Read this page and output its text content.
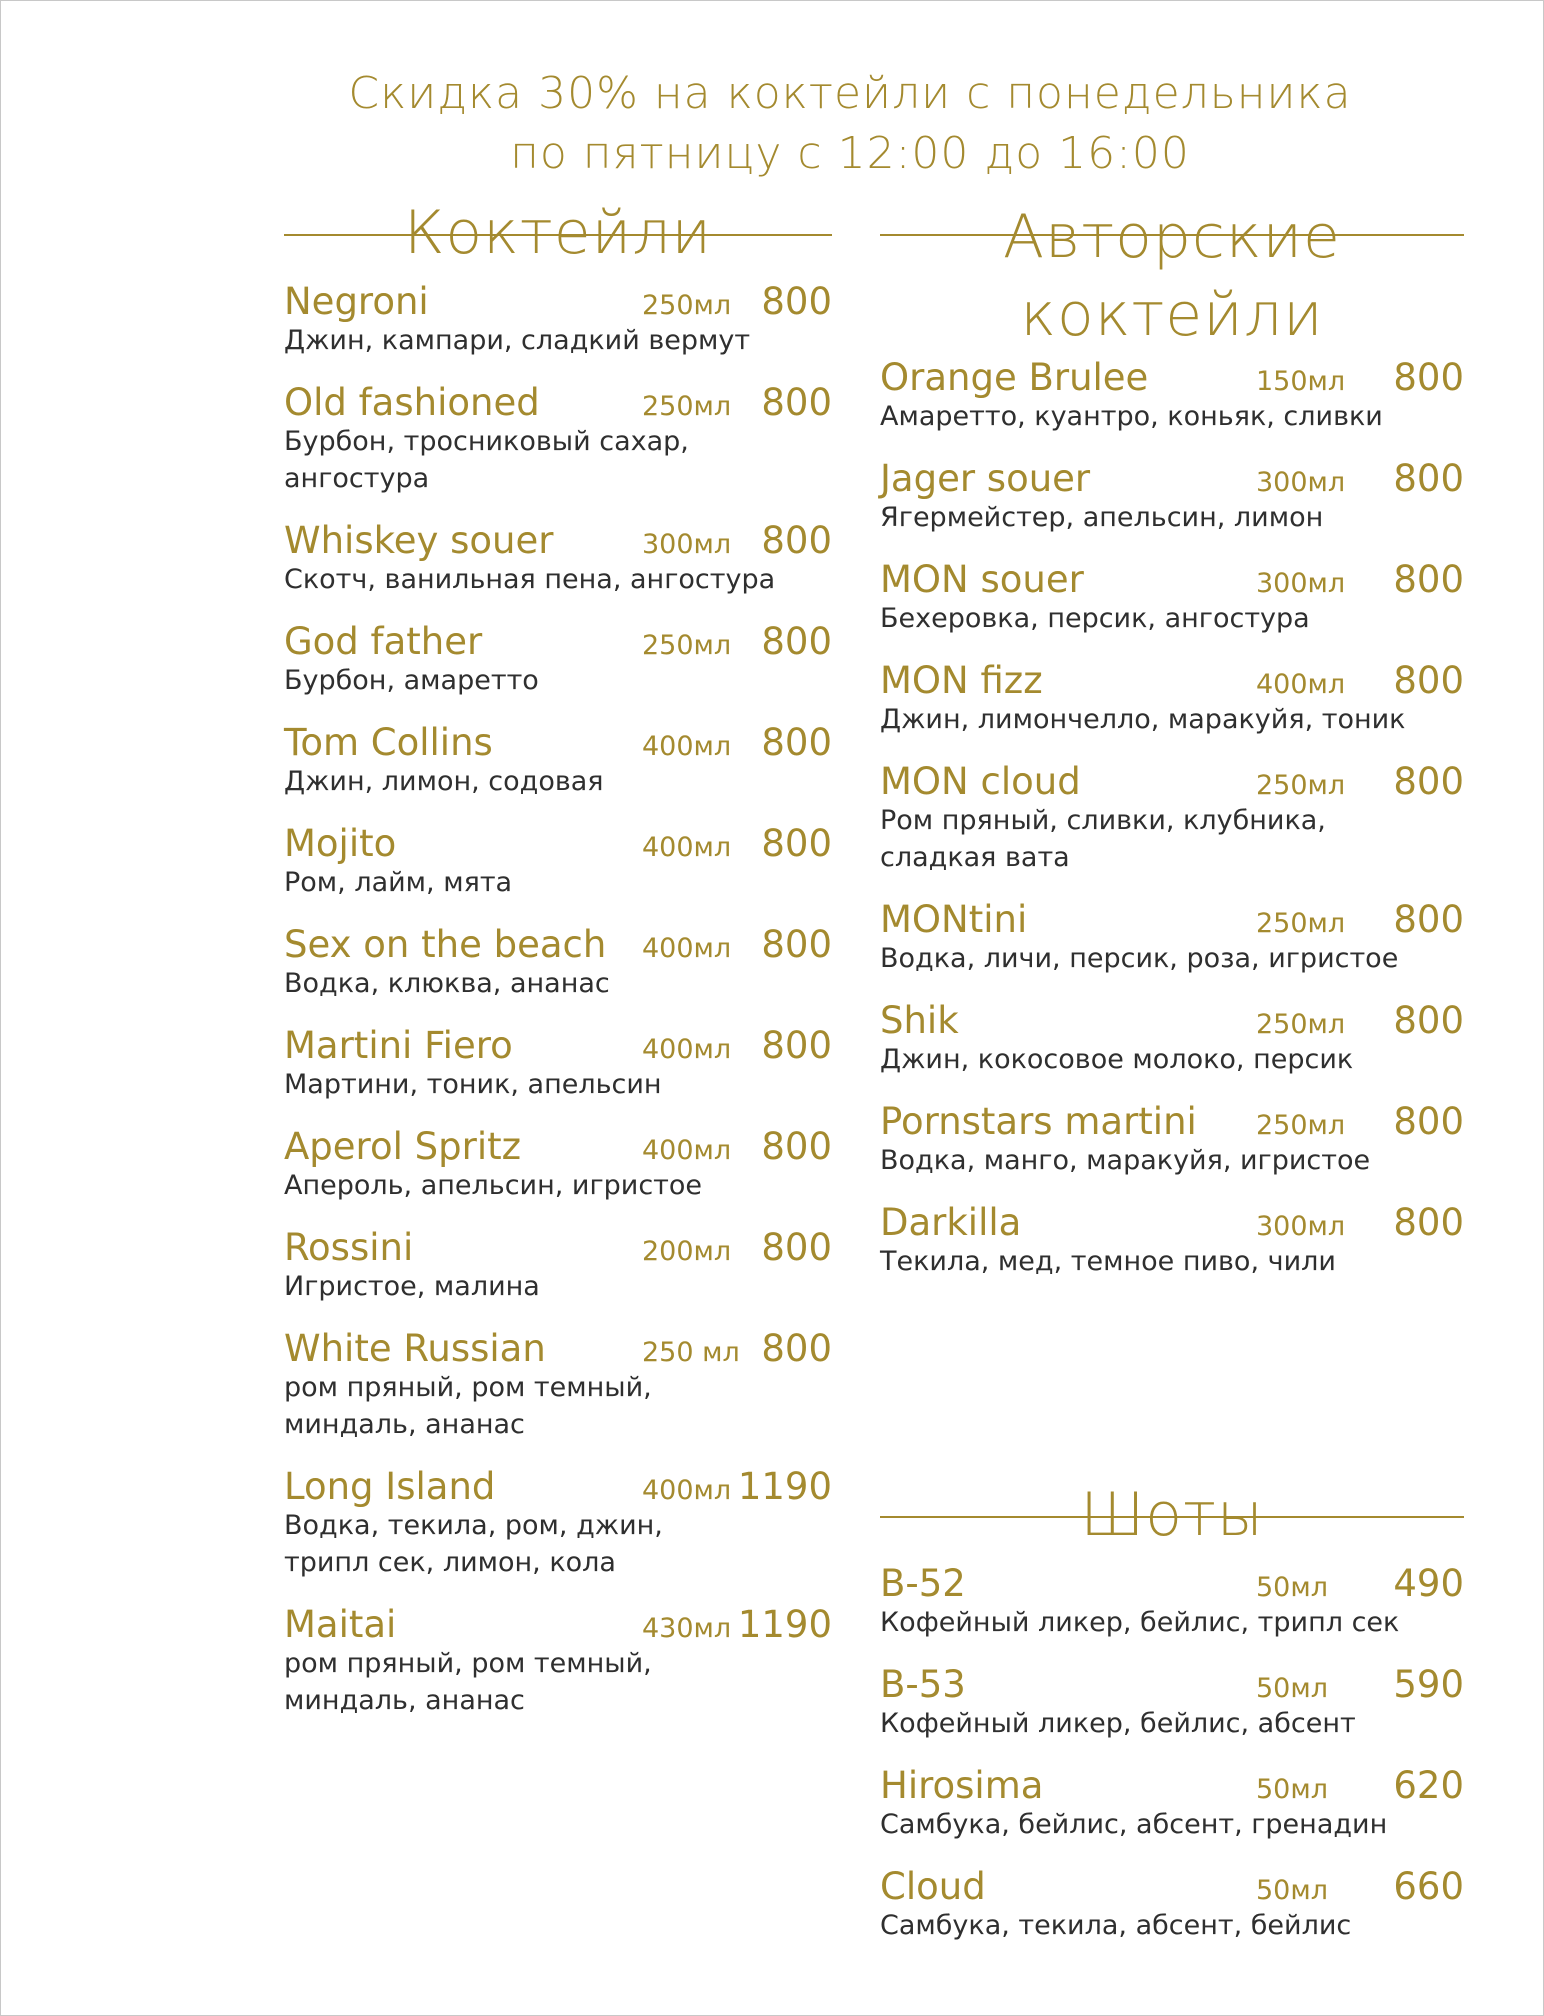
Скидка 30% на коктейли с понедельника
по пятницу с 12:00 до 16:00
Коктейли
Negroni	250мл 800
Джин, кампари, сладкий вермут
Old fashioned	250мл 800
Бурбон, тросниковый сахар,
ангостура
Whiskey souer	300мл 800
Скотч, ванильная пена, ангостура
God father	250мл 800
Бурбон, амаретто
Tom Collins	400мл 800
Джин, лимон, содовая
Mojito	400мл 800
Ром, лайм, мята
Sex on the beach 400мл 800
Водка, клюква, ананас
Martini Fiero	400мл 800
Мартини, тоник, апельсин
Aperol Spritz	400мл 800
Апероль, апельсин, игристое
Rossini	200мл 800
Игристое, малина
White Russian	250 мл 800
ром пряный, ром темный,
миндаль, ананас
Long Island	400мл 1190
Водка, текила, ром, джин,
трипл сек, лимон, кола
Maitai	430мл 1190
ром пряный, ром темный,
миндаль, ананас
Авторские
коктейли
Orange Brulee	150мл 800
Амаретто, куантро, коньяк, сливки
Jager souer	300мл 800
Ягермейстер, апельсин, лимон
MON souer	300мл 800
Бехеровка, персик, ангостура
MON fizz	400мл 800
Джин, лимончелло, маракуйя, тоник
MON cloud	250мл 800
Ром пряный, сливки, клубника,
сладкая вата
MONtini	250мл 800
Водка, личи, персик, роза, игристое
Shik	250мл 800
Джин, кокосовое молоко, персик
Pornstars martini 250мл 800
Водка, манго, маракуйя, игристое
Darkilla	300мл 800
Текила, мед, темное пиво, чили
Шоты
B-52	50мл 490
Кофейный ликер, бейлис, трипл сек
B-53	50мл 590
Кофейный ликер, бейлис, абсент
Hirosima	50мл 620
Самбука, бейлис, абсент, гренадин
Cloud	50мл 660
Самбука, текила, абсент, бейлис
